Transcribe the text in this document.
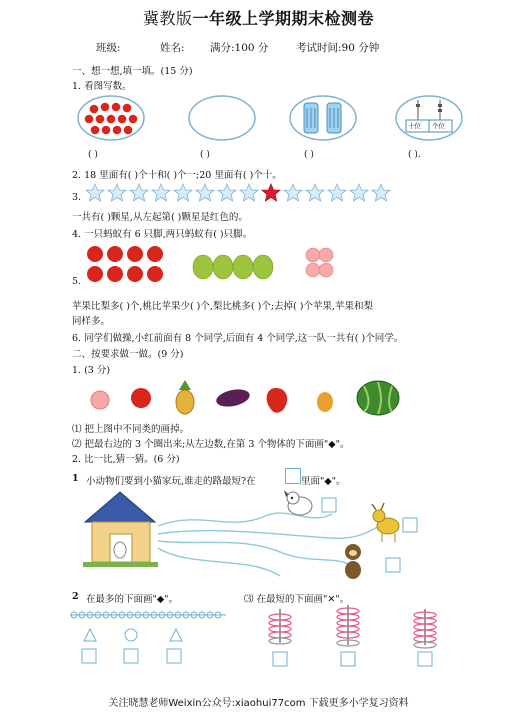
冀教版一年级上学期期末检测卷
班级:	姓名: 满分:100 分	考试时间:90 分钟
一、想一想,填一填。(15 分)
1. 看图写数。
十位 个位
( )	( )	( )	( ).
2. 18 里面有( )个十和( )个一;20 里面有( )个十。
3.
一共有( )颗星,从左起第( )颗星是红色的。
4. 一只蚂蚁有 6 只脚,两只蚂蚁有( )只脚。
5.
苹果比梨多( )个,桃比苹果少( )个,梨比桃多( )个;去掉( )个苹果,苹果和梨
同样多。
6. 同学们做操,小红前面有 8 个同学,后面有 4 个同学,这一队一共有( )个同学。
二、按要求做一做。(9 分)
1. (3 分)
⑴ 把上图中不同类的画掉。
⑵ 把最右边的 3 个圈出来;从左边数,在第 3 个物体的下面画"◆"。
2. 比一比,猜一猜。(6 分)
1 小动物们要到小猫家玩,谁走的路最短?在	里面"◆"。
2 在最多的下面画"◆"。	⑶ 在最短的下面画"✕"。
关注晓慧老师Weixin公众号:xiaohui77com 下载更多小学复习资料
